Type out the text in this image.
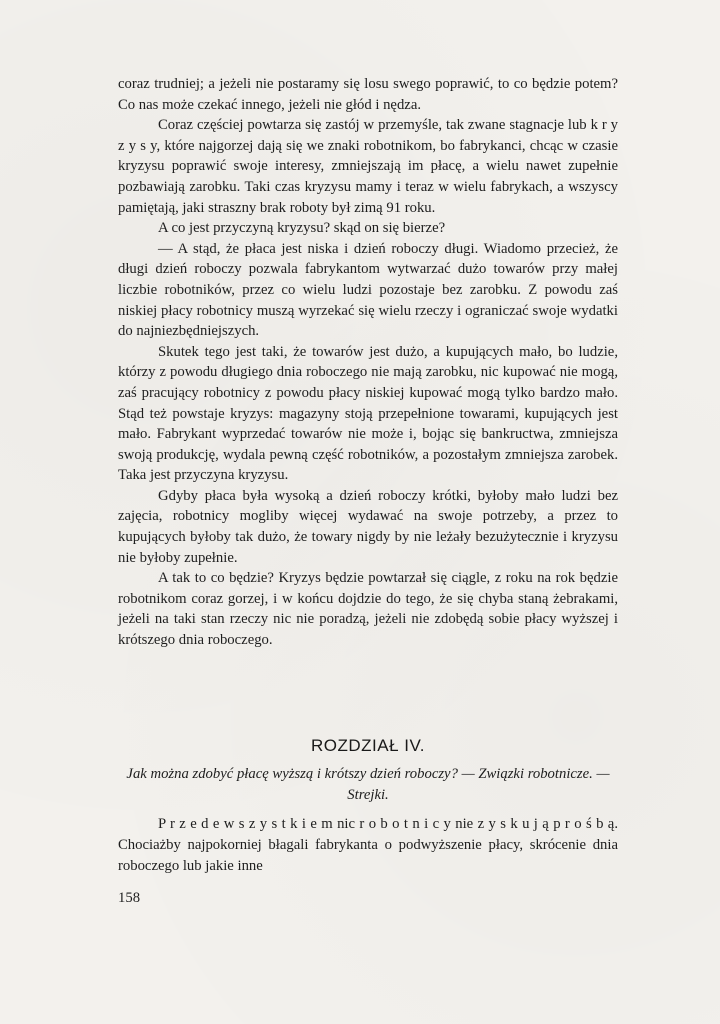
coraz trudniej; a jeżeli nie postaramy się losu swego poprawić, to co będzie potem? Co nas może czekać innego, jeżeli nie głód i nędza.

Coraz częściej powtarza się zastój w przemyśle, tak zwane stagnacje lub k r y z y s y, które najgorzej dają się we znaki robotnikom, bo fabrykanci, chcąc w czasie kryzysu poprawić swoje interesy, zmniejszają im płacę, a wielu nawet zupełnie pozbawiają zarobku. Taki czas kryzysu mamy i teraz w wielu fabrykach, a wszyscy pamiętają, jaki straszny brak roboty był zimą 91 roku.

A co jest przyczyną kryzysu? skąd on się bierze?

— A stąd, że płaca jest niska i dzień roboczy długi. Wiadomo przecież, że długi dzień roboczy pozwala fabrykantom wytwarzać dużo towarów przy małej liczbie robotników, przez co wielu ludzi pozostaje bez zarobku. Z powodu zaś niskiej płacy robotnicy muszą wyrzekać się wielu rzeczy i ograniczać swoje wydatki do najniezbędniejszych.

Skutek tego jest taki, że towarów jest dużo, a kupujących mało, bo ludzie, którzy z powodu długiego dnia roboczego nie mają zarobku, nic kupować nie mogą, zaś pracujący robotnicy z powodu płacy niskiej kupować mogą tylko bardzo mało. Stąd też powstaje kryzys: magazyny stoją przepełnione towarami, kupujących jest mało. Fabrykant wyprzedać towarów nie może i, bojąc się bankructwa, zmniejsza swoją produkcję, wydala pewną część robotników, a pozostałym zmniejsza zarobek. Taka jest przyczyna kryzysu.

Gdyby płaca była wysoką a dzień roboczy krótki, byłoby mało ludzi bez zajęcia, robotnicy mogliby więcej wydawać na swoje potrzeby, a przez to kupujących byłoby tak dużo, że towary nigdy by nie leżały bezużytecznie i kryzysu nie byłoby zupełnie.

A tak to co będzie? Kryzys będzie powtarzał się ciągle, z roku na rok będzie robotnikom coraz gorzej, i w końcu dojdzie do tego, że się chyba staną żebrakami, jeżeli na taki stan rzeczy nic nie poradzą, jeżeli nie zdobędą sobie płacy wyższej i krótszego dnia roboczego.

ROZDZIAŁ IV.
Jak można zdobyć płacę wyższą i krótszy dzień roboczy? — Związki robotnicze. — Strejki.

P r z e d e w s z y s t k i e m nic r o b o t n i c y nie z y s k u j ą p r o ś b ą. Chociażby najpokorniej błagali fabrykanta o podwyższenie płacy, skrócenie dnia roboczego lub jakie inne

158
